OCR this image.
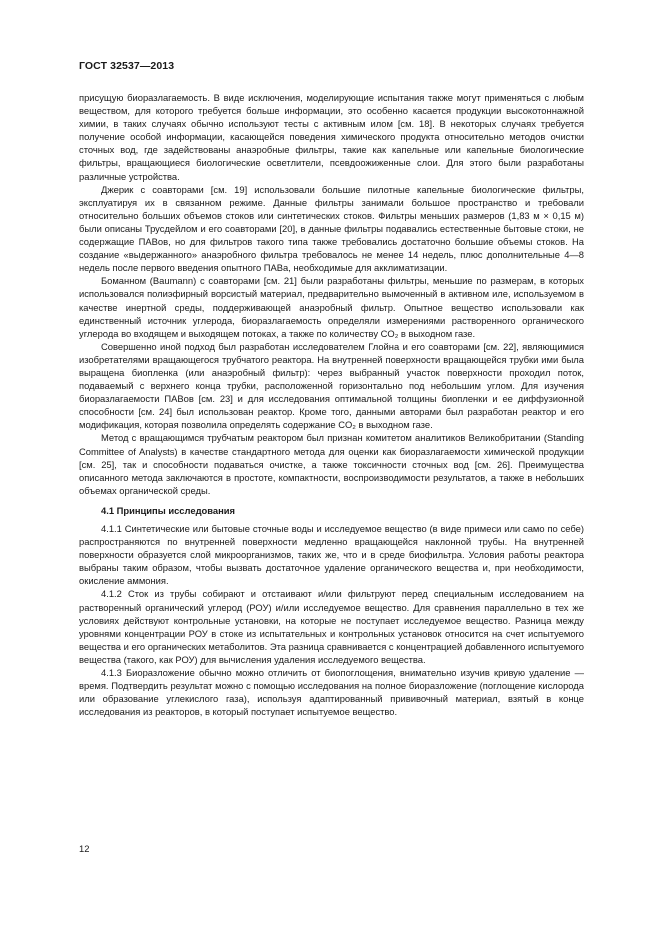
ГОСТ 32537—2013

присущую биоразлагаемость. В виде исключения, моделирующие испытания также могут применяться с любым веществом, для которого требуется больше информации, это особенно касается продукции высокотоннажной химии, в таких случаях обычно используют тесты с активным илом [см. 18]. В некоторых случаях требуется получение особой информации, касающейся поведения химического продукта относительно методов очистки сточных вод, где задействованы анаэробные фильтры, такие как капельные или капельные биологические фильтры, вращающиеся биологические осветлители, псевдоожиженные слои. Для этого были разработаны различные устройства.

Джерик с соавторами [см. 19] использовали большие пилотные капельные биологические фильтры, эксплуатируя их в связанном режиме. Данные фильтры занимали большое пространство и требовали относительно больших объемов стоков или синтетических стоков. Фильтры меньших размеров (1,83 м × 0,15 м) были описаны Трусдейлом и его соавторами [20], в данные фильтры подавались естественные бытовые стоки, не содержащие ПАВов, но для фильтров такого типа также требовались достаточно большие объемы стоков. На создание «выдержанного» анаэробного фильтра требовалось не менее 14 недель, плюс дополнительные 4—8 недель после первого введения опытного ПАВа, необходимые для акклиматизации.

Боманном (Baumann) с соавторами [см. 21] были разработаны фильтры, меньшие по размерам, в которых использовался полиэфирный ворсистый материал, предварительно вымоченный в активном иле, используемом в качестве инертной среды, поддерживающей анаэробный фильтр. Опытное вещество использовали как единственный источник углерода, биоразлагаемость определяли измерениями растворенного органического углерода во входящем и выходящем потоках, а также по количеству CO₂ в выходном газе.

Совершенно иной подход был разработан исследователем Глойна и его соавторами [см. 22], являющимися изобретателями вращающегося трубчатого реактора. На внутренней поверхности вращающейся трубки ими была выращена биопленка (или анаэробный фильтр): через выбранный участок поверхности проходил поток, подаваемый с верхнего конца трубки, расположенной горизонтально под небольшим углом. Для изучения биоразлагаемости ПАВов [см. 23] и для исследования оптимальной толщины биопленки и ее диффузионной способности [см. 24] был использован реактор. Кроме того, данными авторами был разработан реактор и его модификация, которая позволила определять содержание CO₂ в выходном газе.

Метод с вращающимся трубчатым реактором был признан комитетом аналитиков Великобритании (Standing Committee of Analysts) в качестве стандартного метода для оценки как биоразлагаемости химической продукции [см. 25], так и способности подаваться очистке, а также токсичности сточных вод [см. 26]. Преимущества описанного метода заключаются в простоте, компактности, воспроизводимости результатов, а также в небольших объемах органической среды.

4.1 Принципы исследования

4.1.1 Синтетические или бытовые сточные воды и исследуемое вещество (в виде примеси или само по себе) распространяются по внутренней поверхности медленно вращающейся наклонной трубы. На внутренней поверхности образуется слой микроорганизмов, таких же, что и в среде биофильтра. Условия работы реактора выбраны таким образом, чтобы вызвать достаточное удаление органического вещества и, при необходимости, окисление аммония.

4.1.2 Сток из трубы собирают и отстаивают и/или фильтруют перед специальным исследованием на растворенный органический углерод (РОУ) и/или исследуемое вещество. Для сравнения параллельно в тех же условиях действуют контрольные установки, на которые не поступает исследуемое вещество. Разница между уровнями концентрации РОУ в стоке из испытательных и контрольных установок относится на счет испытуемого вещества и его органических метаболитов. Эта разница сравнивается с концентрацией добавленного испытуемого вещества (такого, как РОУ) для вычисления удаления исследуемого вещества.

4.1.3 Биоразложение обычно можно отличить от биопоглощения, внимательно изучив кривую удаление — время. Подтвердить результат можно с помощью исследования на полное биоразложение (поглощение кислорода или образование углекислого газа), используя адаптированный прививочный материал, взятый в конце исследования из реакторов, в который поступает испытуемое вещество.

12
